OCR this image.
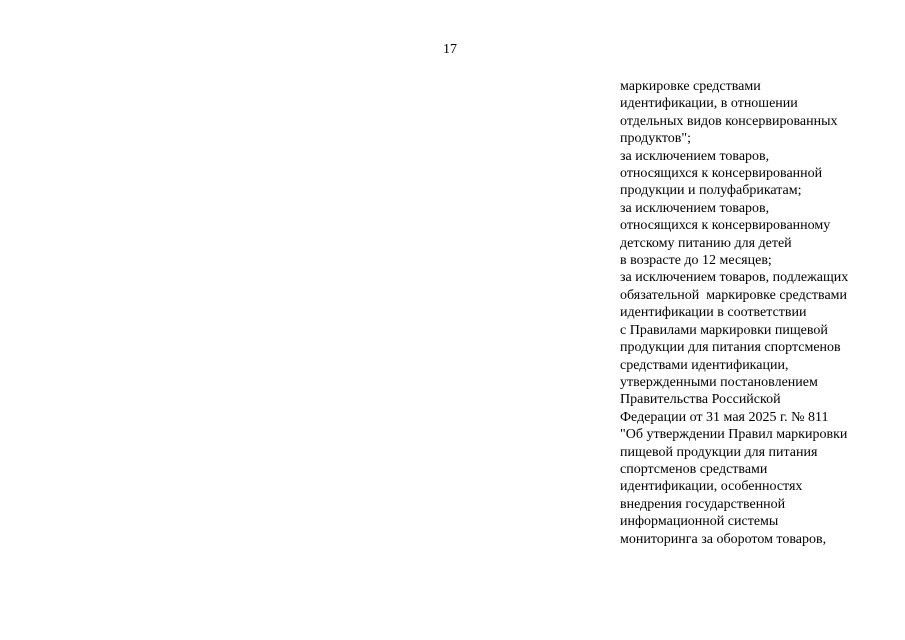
17
маркировке средствами
идентификации, в отношении
отдельных видов консервированных
продуктов";
за исключением товаров,
относящихся к консервированной
продукции и полуфабрикатам;
за исключением товаров,
относящихся к консервированному
детскому питанию для детей
в возрасте до 12 месяцев;
за исключением товаров, подлежащих
обязательной  маркировке средствами
идентификации в соответствии
с Правилами маркировки пищевой
продукции для питания спортсменов
средствами идентификации,
утвержденными постановлением
Правительства Российской
Федерации от 31 мая 2025 г. № 811
"Об утверждении Правил маркировки
пищевой продукции для питания
спортсменов средствами
идентификации, особенностях
внедрения государственной
информационной системы
мониторинга за оборотом товаров,
